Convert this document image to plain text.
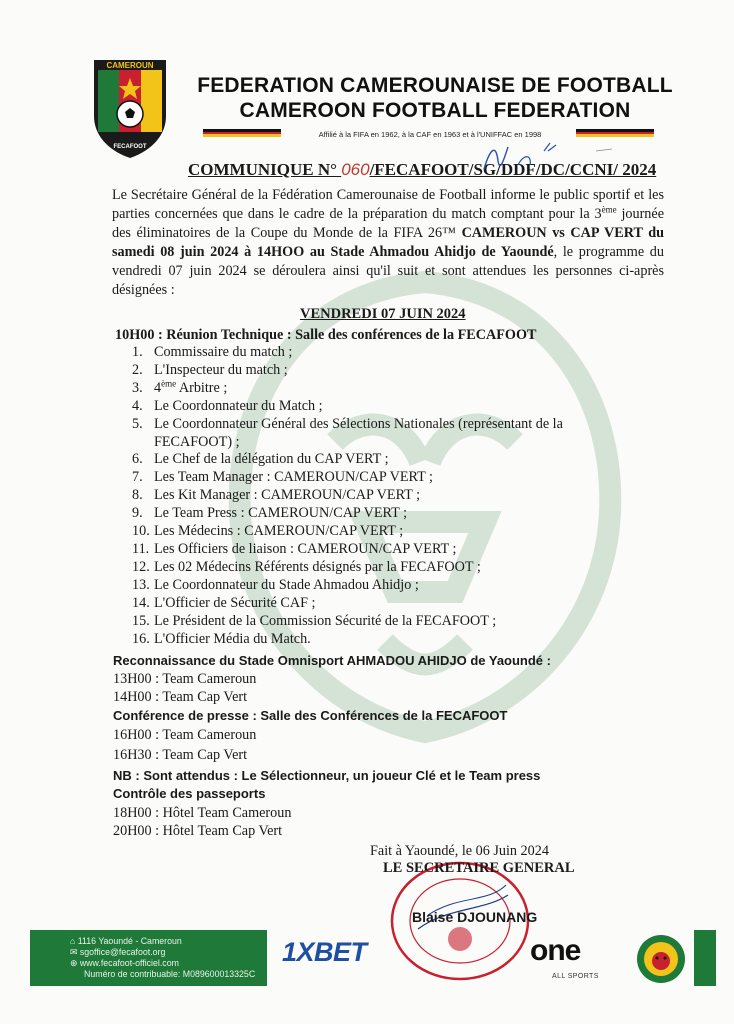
CAMEROUN
FECAFOOT
FEDERATION CAMEROUNAISE DE FOOTBALL
CAMEROON FOOTBALL FEDERATION
Affilié à la FIFA en 1962, à la CAF en 1963 et à l'UNIFFAC en 1998
COMMUNIQUE N° 060/FECAFOOT/SG/DDF/DC/CCNI/ 2024
Le Secrétaire Général de la Fédération Camerounaise de Football informe le public sportif et les parties concernées que dans le cadre de la préparation du match comptant pour la 3ème journée des éliminatoires de la Coupe du Monde de la FIFA 26™ CAMEROUN vs CAP VERT du samedi 08 juin 2024 à 14HOO au Stade Ahmadou Ahidjo de Yaoundé, le programme du vendredi 07 juin 2024 se déroulera ainsi qu'il suit et sont attendues les personnes ci-après désignées :
VENDREDI 07 JUIN 2024
10H00 : Réunion Technique : Salle des conférences de la FECAFOOT
1. Commissaire du match ;
2. L'Inspecteur du match ;
3. 4ème Arbitre ;
4. Le Coordonnateur du Match ;
5. Le Coordonnateur Général des Sélections Nationales (représentant de la FECAFOOT) ;
6. Le Chef de la délégation du CAP VERT ;
7. Les Team Manager : CAMEROUN/CAP VERT ;
8. Les Kit Manager : CAMEROUN/CAP VERT ;
9. Le Team Press : CAMEROUN/CAP VERT ;
10. Les Médecins : CAMEROUN/CAP VERT ;
11. Les Officiers de liaison : CAMEROUN/CAP VERT ;
12. Les 02 Médecins Référents désignés par la FECAFOOT ;
13. Le Coordonnateur du Stade Ahmadou Ahidjo ;
14. L'Officier de Sécurité CAF ;
15. Le Président de la Commission Sécurité de la FECAFOOT ;
16. L'Officier Média du Match.
Reconnaissance du Stade Omnisport AHMADOU AHIDJO de Yaoundé :
13H00 : Team Cameroun
14H00 : Team Cap Vert
Conférence de presse : Salle des Conférences de la FECAFOOT
16H00 : Team Cameroun
16H30 : Team Cap Vert
NB : Sont attendus : Le Sélectionneur, un joueur Clé et le Team press
Contrôle des passeports
18H00 : Hôtel Team Cameroun
20H00 : Hôtel Team Cap Vert
Fait à Yaoundé, le 06 Juin 2024
LE SECRETAIRE GENERAL
Blaise DJOUNANG
⌂ 1116 Yaoundé - Cameroun
✉ sgoffice@fecafoot.org
⊕ www.fecafoot-officiel.com
Numéro de contribuable: M089600013325C
1XBET	one
ALL SPORTS
